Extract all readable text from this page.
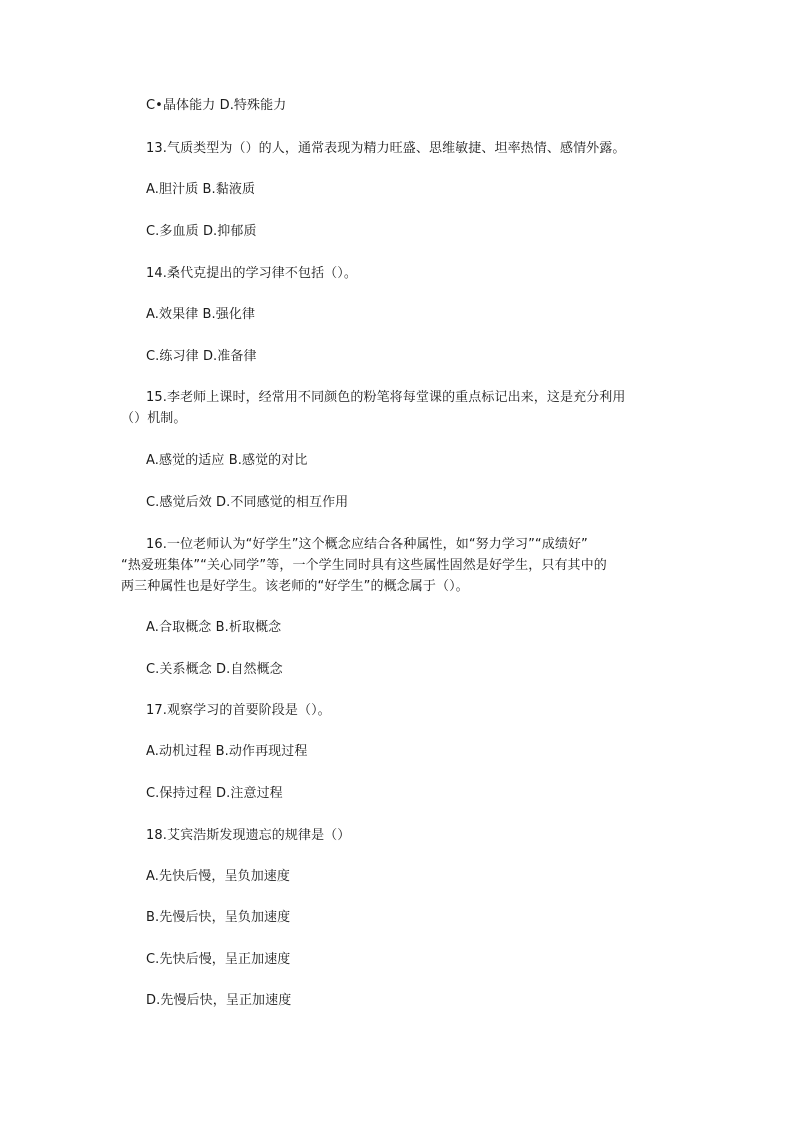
C•晶体能力 D.特殊能力
13.气质类型为（）的人，通常表现为精力旺盛、思维敏捷、坦率热情、感情外露。
A.胆汁质 B.黏液质
C.多血质 D.抑郁质
14.桑代克提出的学习律不包括（）。
A.效果律 B.强化律
C.练习律 D.准备律
15.李老师上课时，经常用不同颜色的粉笔将每堂课的重点标记出来，这是充分利用
（）机制。
A.感觉的适应 B.感觉的对比
C.感觉后效 D.不同感觉的相互作用
16.一位老师认为“好学生”这个概念应结合各种属性，如“努力学习”“成绩好”
“热爱班集体”“关心同学”等，一个学生同时具有这些属性固然是好学生，只有其中的
两三种属性也是好学生。该老师的“好学生”的概念属于（）。
A.合取概念 B.析取概念
C.关系概念 D.自然概念
17.观察学习的首要阶段是（）。
A.动机过程 B.动作再现过程
C.保持过程 D.注意过程
18.艾宾浩斯发现遗忘的规律是（）
A.先快后慢，呈负加速度
B.先慢后快，呈负加速度
C.先快后慢，呈正加速度
D.先慢后快，呈正加速度
